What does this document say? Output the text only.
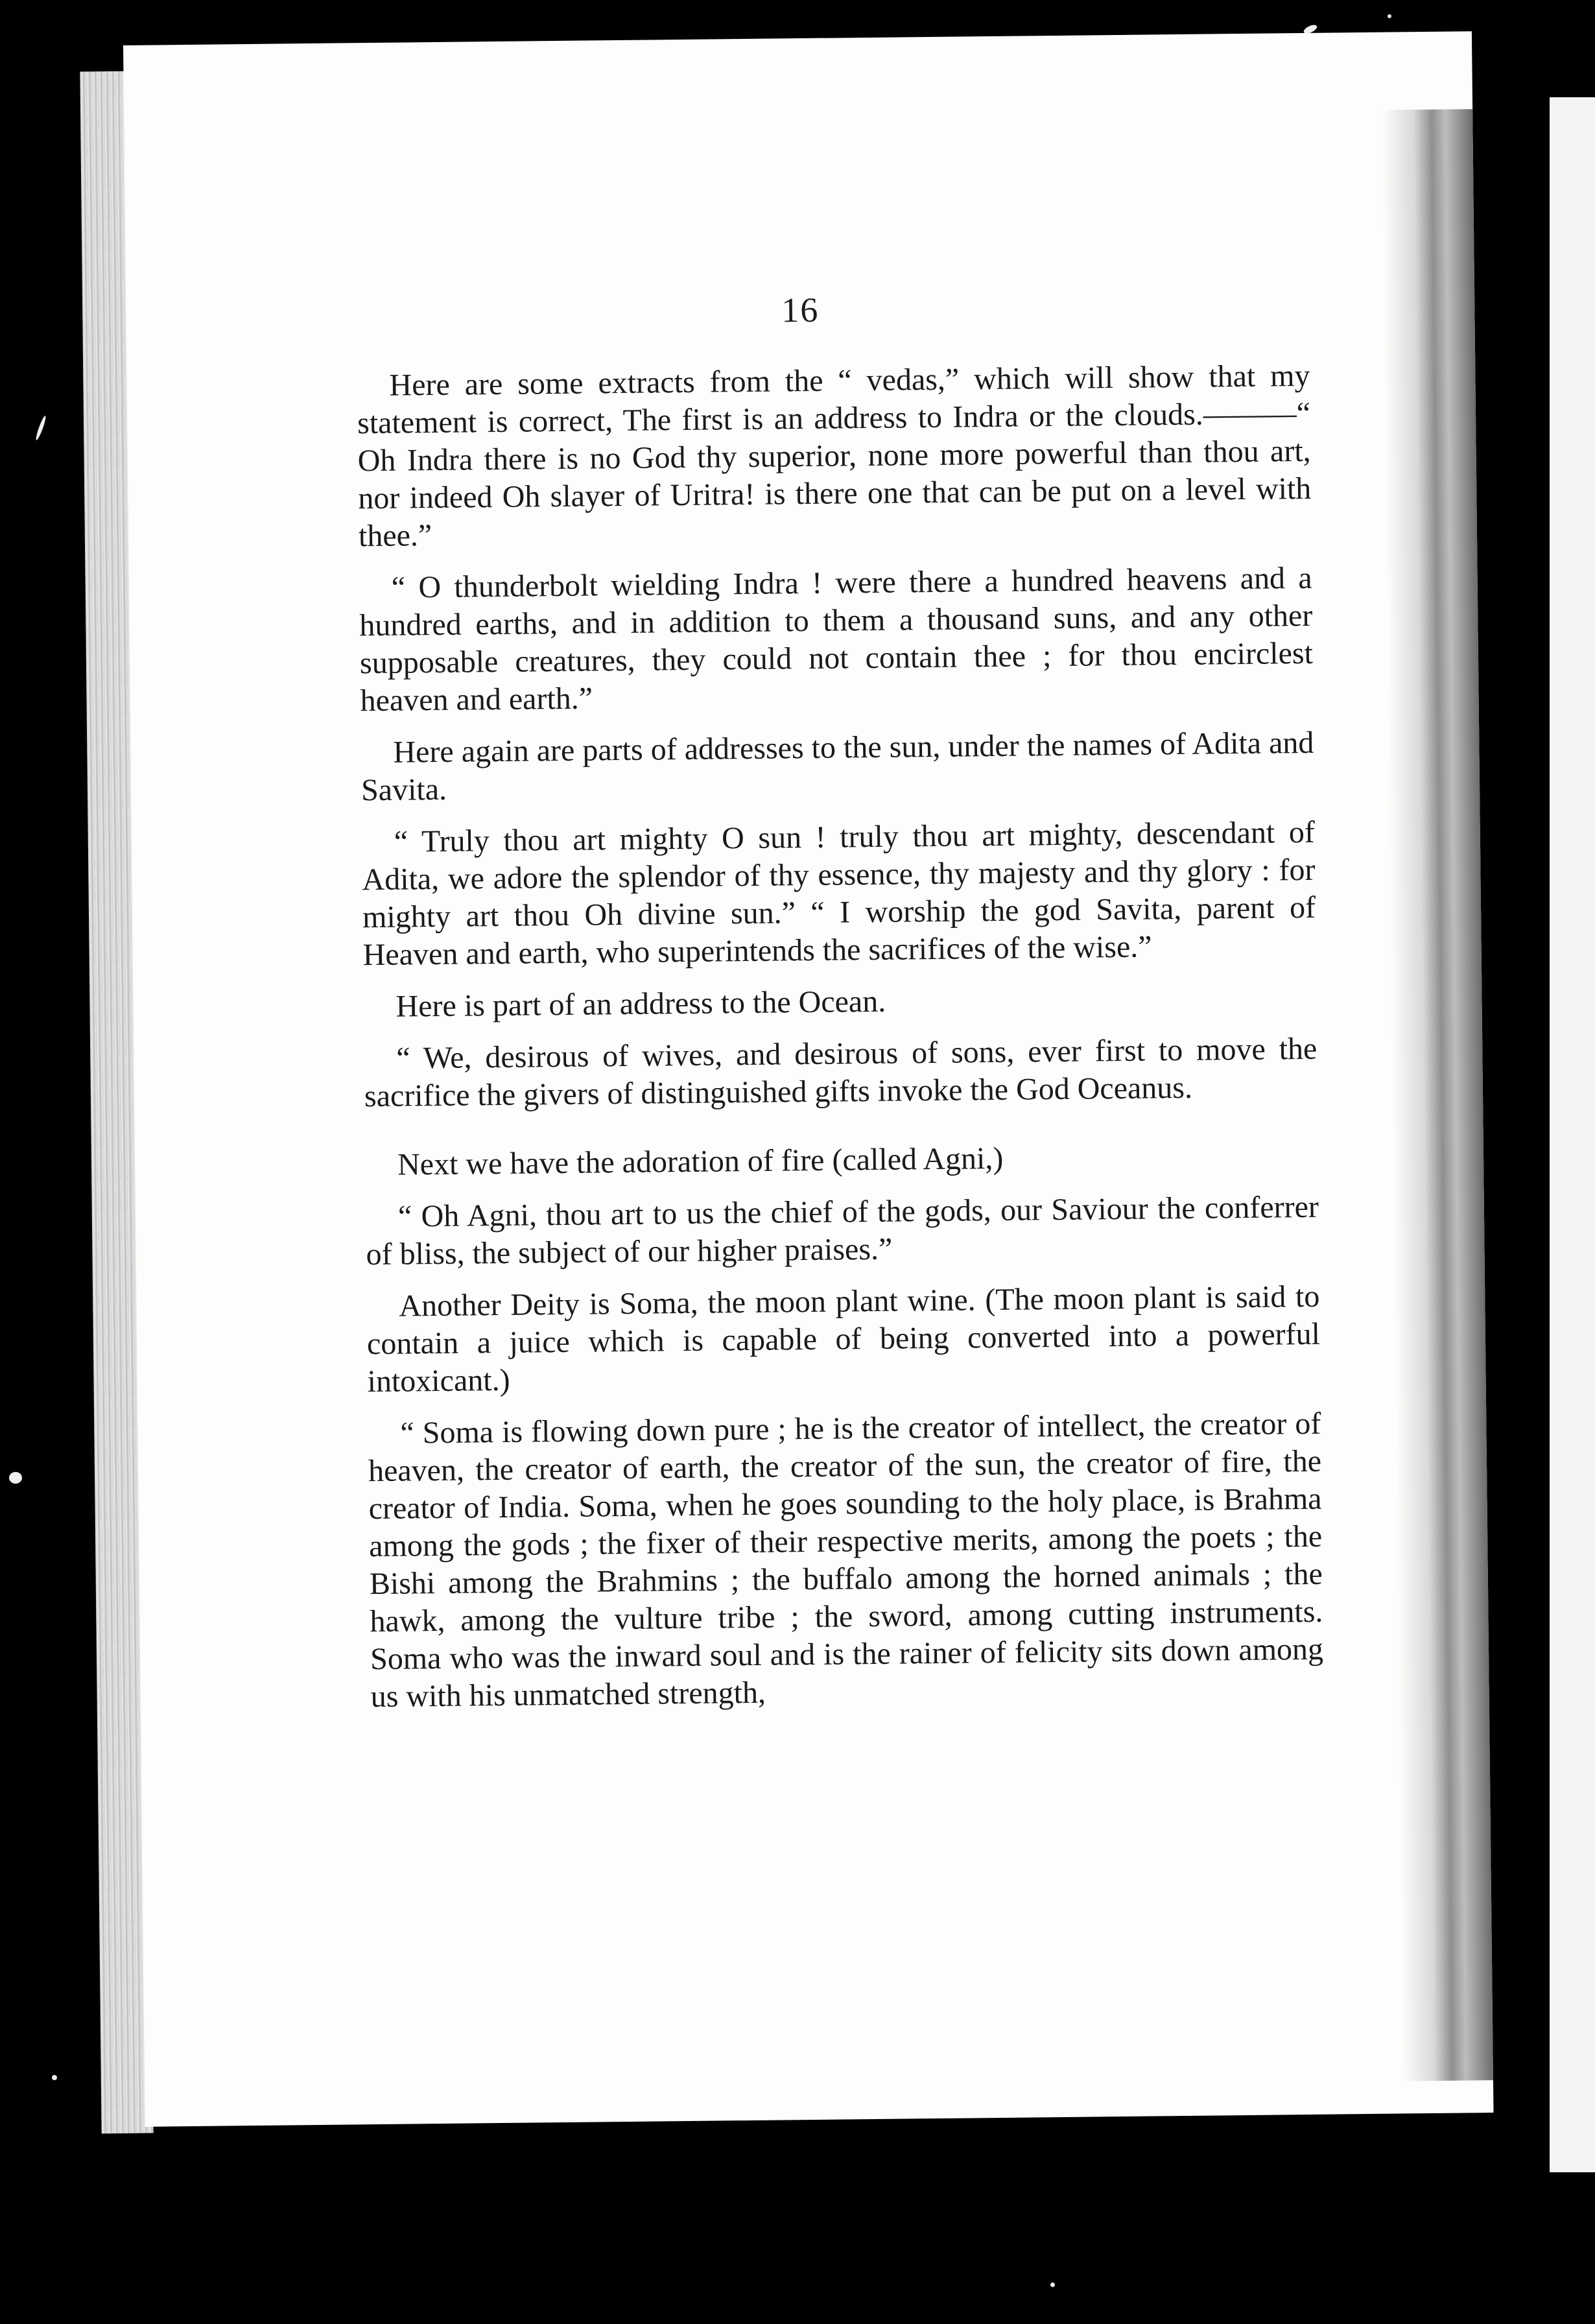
16

Here are some extracts from the “ vedas,” which will show that my statement is correct, The first is an address to Indra or the clouds.———“ Oh Indra there is no God thy superior, none more powerful than thou art, nor indeed Oh slayer of Uritra! is there one that can be put on a level with thee.”

“ O thunderbolt wielding Indra ! were there a hundred heavens and a hundred earths, and in addition to them a thousand suns, and any other supposable creatures, they could not contain thee ; for thou encirclest heaven and earth.”

Here again are parts of addresses to the sun, under the names of Adita and Savita.

“ Truly thou art mighty O sun ! truly thou art mighty, descendant of Adita, we adore the splendor of thy essence, thy majesty and thy glory : for mighty art thou Oh divine sun.” “ I worship the god Savita, parent of Heaven and earth, who superintends the sacrifices of the wise.”

Here is part of an address to the Ocean.

“ We, desirous of wives, and desirous of sons, ever first to move the sacrifice the givers of distinguished gifts invoke the God Oceanus.

Next we have the adoration of fire (called Agni,)

“ Oh Agni, thou art to us the chief of the gods, our Saviour the conferrer of bliss, the subject of our higher praises.”

Another Deity is Soma, the moon plant wine. (The moon plant is said to contain a juice which is capable of being converted into a powerful intoxicant.)

“ Soma is flowing down pure ; he is the creator of intellect, the creator of heaven, the creator of earth, the creator of the sun, the creator of fire, the creator of India. Soma, when he goes sounding to the holy place, is Brahma among the gods ; the fixer of their respective merits, among the poets ; the Bishi among the Brahmins ; the buffalo among the horned animals ; the hawk, among the vulture tribe ; the sword, among cutting instruments. Soma who was the inward soul and is the rainer of felicity sits down among us with his unmatched strength,
